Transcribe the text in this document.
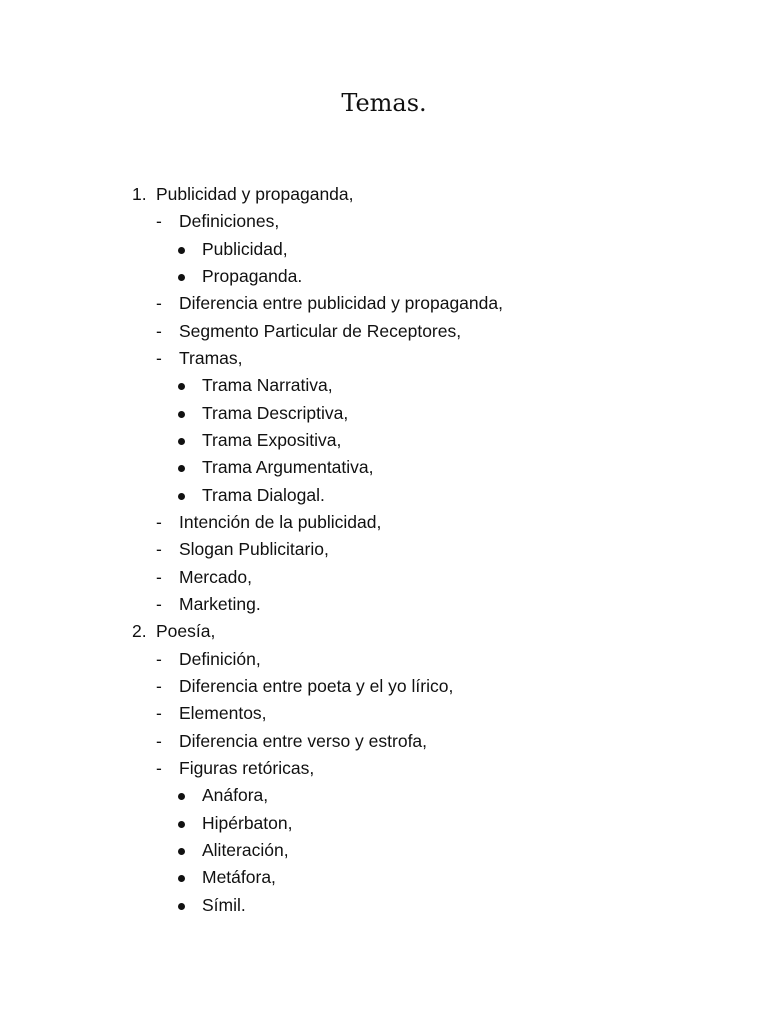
Temas.
1. Publicidad y propaganda,
- Definiciones,
Publicidad,
Propaganda.
- Diferencia entre publicidad y propaganda,
- Segmento Particular de Receptores,
- Tramas,
Trama Narrativa,
Trama Descriptiva,
Trama Expositiva,
Trama Argumentativa,
Trama Dialogal.
- Intención de la publicidad,
- Slogan Publicitario,
- Mercado,
- Marketing.
2. Poesía,
- Definición,
- Diferencia entre poeta y el yo lírico,
- Elementos,
- Diferencia entre verso y estrofa,
- Figuras retóricas,
Anáfora,
Hipérbaton,
Aliteración,
Metáfora,
Símil.
